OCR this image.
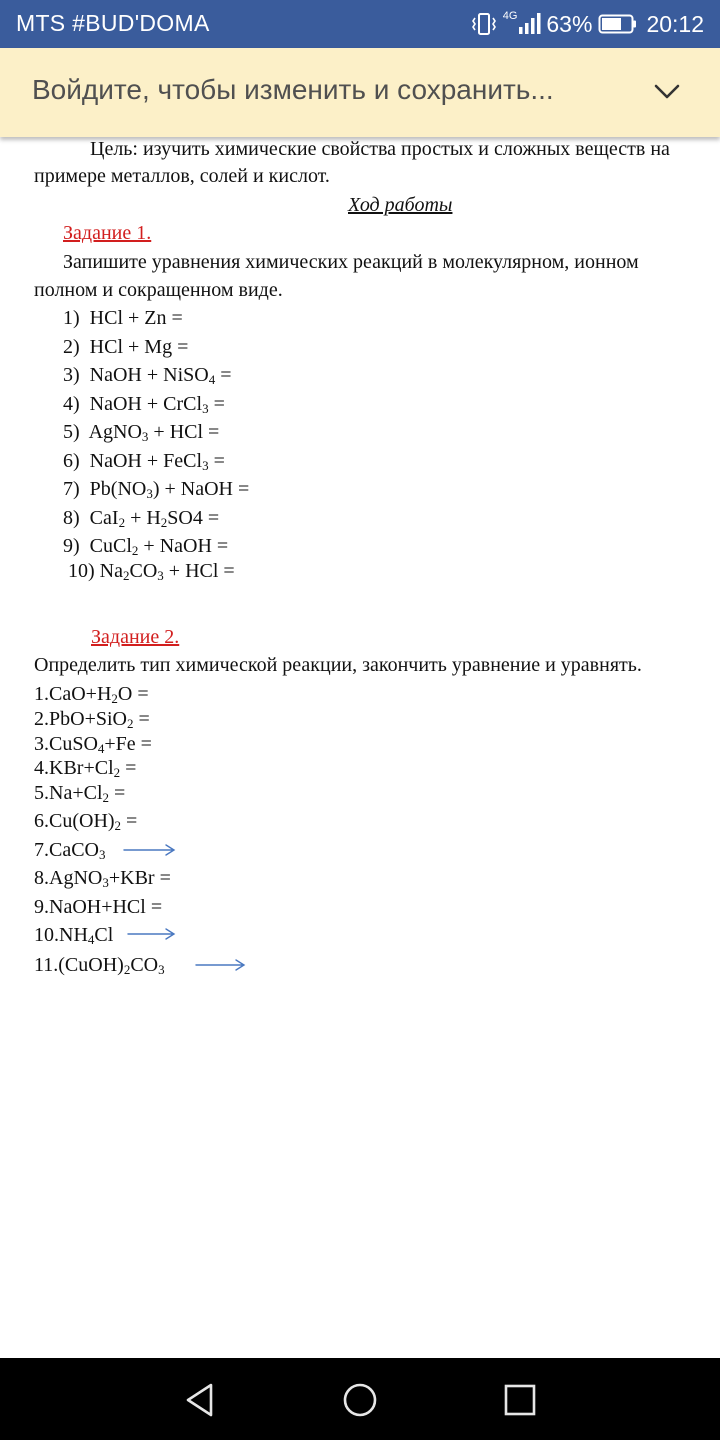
MTS #BUD'DOMA	4G 63% 20:12
Войдите, чтобы изменить и сохранить...
Цель: изучить химические свойства простых и сложных веществ на
примере металлов, солей и кислот.
Ход работы
Задание 1.
Запишите уравнения химических реакций в молекулярном, ионном
полном и сокращенном виде.
1) HCl + Zn =
2) HCl + Mg =
3) NaOH + NiSO$_4$ =
4) NaOH + CrCl$_3$ =
5) AgNO$_3$ + HCl =
6) NaOH + FeCl$_3$ =
7) $Pb(NO_3)$ + NaOH =
8) $CaI_2 + H_2SO4$ =
9) CuCl$_2$ + NaOH =
10) $Na_2CO_3$ + HCl =
Задание 2.
Определить тип химической реакции, закончить уравнение и уравнять.
$1.CaO+H_2O$ =
2.PbO+SiO$_2$ =
3.CuSO$_4$+Fe =
$4.KBr+Cl_2$ =
$5.Na+Cl_2$ =
$6.Cu(OH)_2$ =
7.CaCO$_3$
8.AgNO$_3$+KBr =
9.NaOH+HCl =
$10.NH_4Cl$
$11.(CuOH)_2CO_3$
